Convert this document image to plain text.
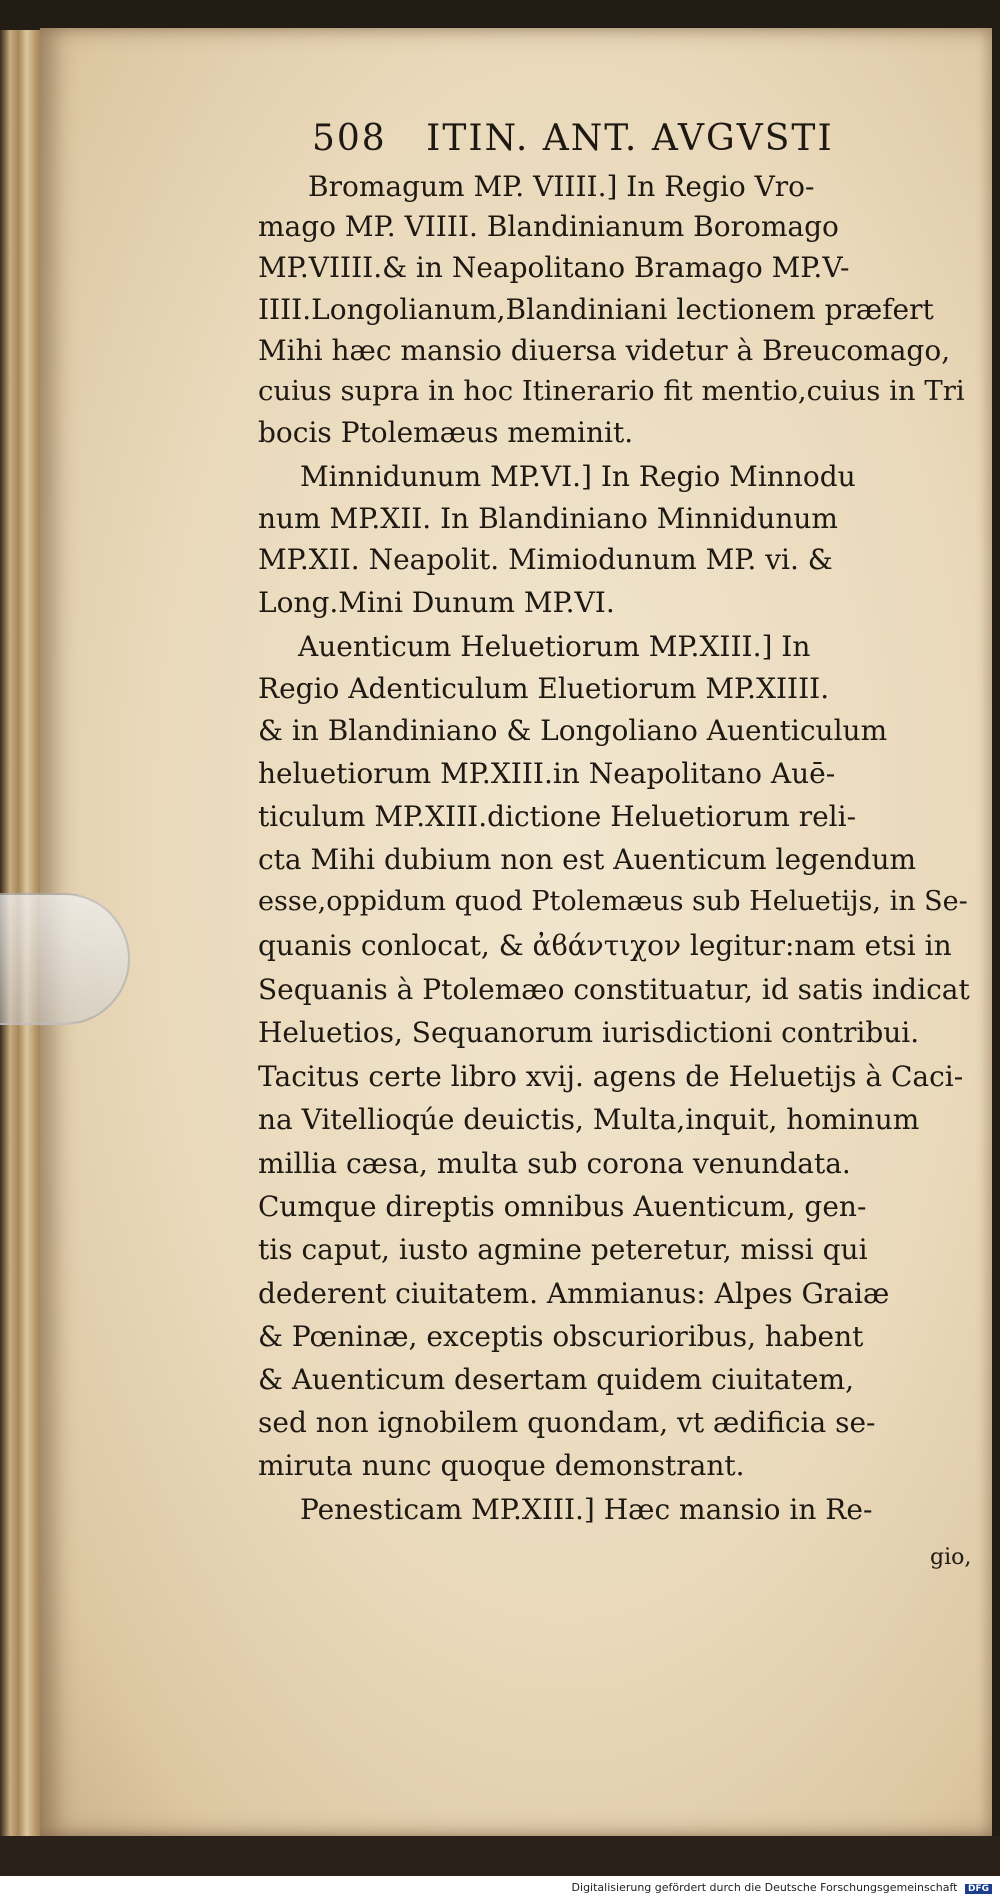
508 ITIN. ANT. AVGVSTI
Bromagum MP. VIIII.] In Regio Vro-
mago MP. VIIII. Blandinianum Boromago
MP.VIIII.& in Neapolitano Bramago MP.V-
IIII.Longolianum,Blandiniani lectionem præfert
Mihi hæc mansio diuersa videtur à Breucomago,
cuius supra in hoc Itinerario fit mentio,cuius in Tri
bocis Ptolemæus meminit.
Minnidunum MP.VI.] In Regio Minnodu
num MP.XII. In Blandiniano Minnidunum
MP.XII. Neapolit. Mimiodunum MP. vi. &
Long.Mini Dunum MP.VI.
Auenticum Heluetiorum MP.XIII.] In
Regio Adenticulum Eluetiorum MP.XIIII.
& in Blandiniano & Longoliano Auenticulum
heluetiorum MP.XIII.in Neapolitano Auē-
ticulum MP.XIII.dictione Heluetiorum reli-
cta Mihi dubium non est Auenticum legendum
esse,oppidum quod Ptolemæus sub Heluetijs, in Se-
quanis conlocat, & ἀϐάντιχον legitur:nam etsi in
Sequanis à Ptolemæo constituatur, id satis indicat
Heluetios, Sequanorum iurisdictioni contribui.
Tacitus certe libro xvij. agens de Heluetijs à Caci-
na Vitellioqúe deuictis, Multa,inquit, hominum
millia cæsa, multa sub corona venundata.
Cumque direptis omnibus Auenticum, gen-
tis caput, iusto agmine peteretur, missi qui
dederent ciuitatem. Ammianus: Alpes Graiæ
& Pœninæ, exceptis obscurioribus, habent
& Auenticum desertam quidem ciuitatem,
sed non ignobilem quondam, vt ædificia se-
miruta nunc quoque demonstrant.
Penesticam MP.XIII.] Hæc mansio in Re-
gio,
Digitalisierung gefördert durch die Deutsche Forschungsgemeinschaft DFG
